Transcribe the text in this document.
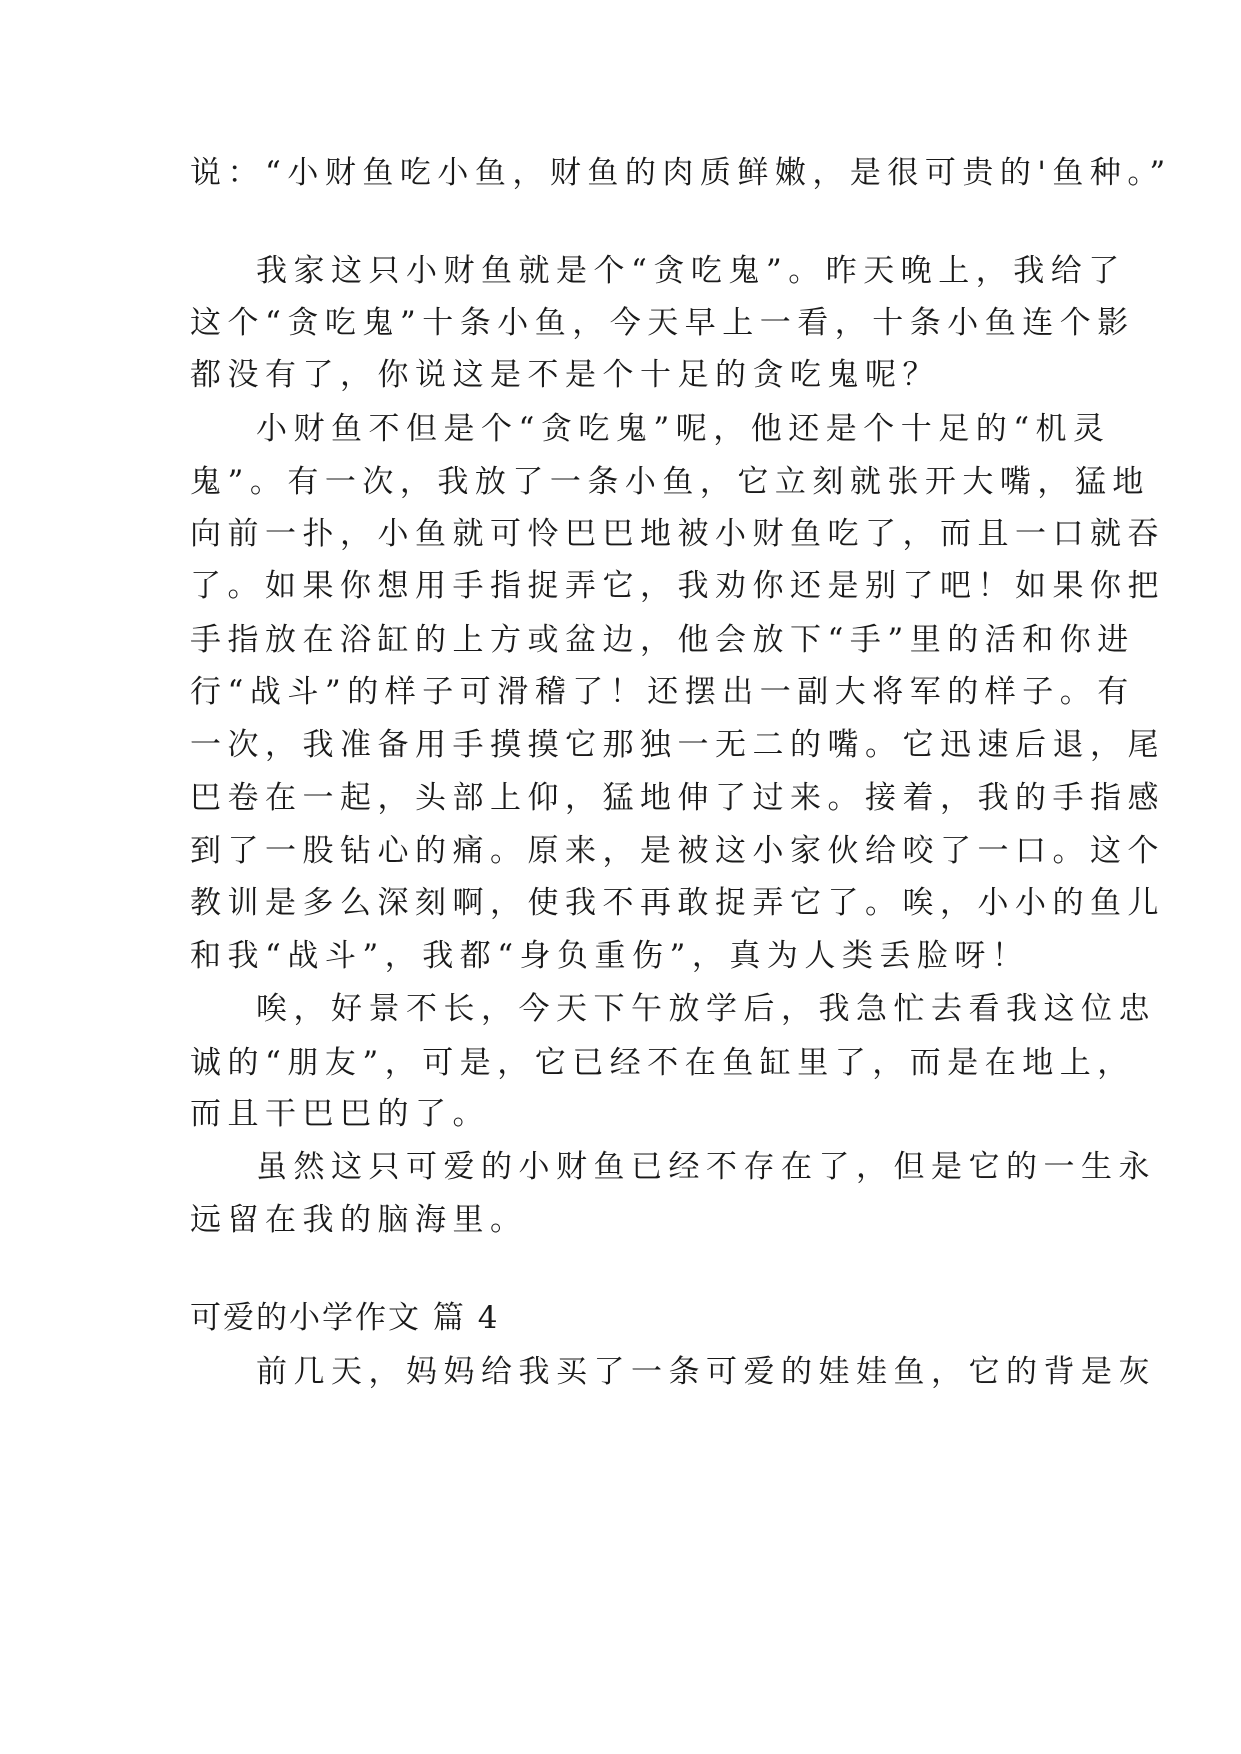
说：“小财鱼吃小鱼，财鱼的肉质鲜嫩，是很可贵的'鱼种。”
我家这只小财鱼就是个“贪吃鬼”。昨天晚上，我给了
这个“贪吃鬼”十条小鱼，今天早上一看，十条小鱼连个影
都没有了，你说这是不是个十足的贪吃鬼呢？
小财鱼不但是个“贪吃鬼”呢，他还是个十足的“机灵
鬼”。有一次，我放了一条小鱼，它立刻就张开大嘴，猛地
向前一扑，小鱼就可怜巴巴地被小财鱼吃了，而且一口就吞
了。如果你想用手指捉弄它，我劝你还是别了吧！如果你把
手指放在浴缸的上方或盆边，他会放下“手”里的活和你进
行“战斗”的样子可滑稽了！还摆出一副大将军的样子。有
一次，我准备用手摸摸它那独一无二的嘴。它迅速后退，尾
巴卷在一起，头部上仰，猛地伸了过来。接着，我的手指感
到了一股钻心的痛。原来，是被这小家伙给咬了一口。这个
教训是多么深刻啊，使我不再敢捉弄它了。唉，小小的鱼儿
和我“战斗”，我都“身负重伤”，真为人类丢脸呀！
唉，好景不长，今天下午放学后，我急忙去看我这位忠
诚的“朋友”，可是，它已经不在鱼缸里了，而是在地上，
而且干巴巴的了。
虽然这只可爱的小财鱼已经不存在了，但是它的一生永
远留在我的脑海里。
可爱的小学作文 篇 4
前几天，妈妈给我买了一条可爱的娃娃鱼，它的背是灰
